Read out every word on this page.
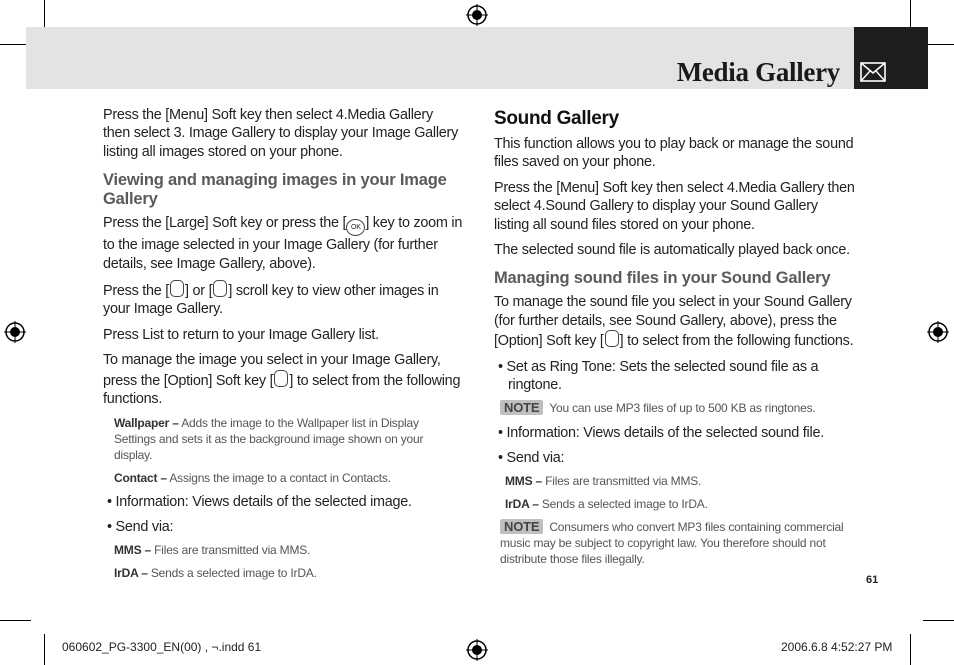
Media Gallery

Press the [Menu] Soft key then select 4.Media Gallery then select 3. Image Gallery to display your Image Gallery listing all images stored on your phone.

Viewing and managing images in your Image Gallery

Press the [Large] Soft key or press the [ OK ] key to zoom in to the image selected in your Image Gallery (for further details, see Image Gallery, above).

Press the [ ] or [ ] scroll key to view other images in your Image Gallery.

Press List to return to your Image Gallery list.

To manage the image you select in your Image Gallery, press the [Option] Soft key [ ] to select from the following functions.

Wallpaper – Adds the image to the Wallpaper list in Display Settings and sets it as the background image shown on your display.
Contact – Assigns the image to a contact in Contacts.
• Information: Views details of the selected image.
• Send via:
MMS – Files are transmitted via MMS.
IrDA – Sends a selected image to IrDA.
Sound Gallery

This function allows you to play back or manage the sound files saved on your phone.

Press the [Menu] Soft key then select 4.Media Gallery then select 4.Sound Gallery to display your Sound Gallery listing all sound files stored on your phone.

The selected sound file is automatically played back once.

Managing sound files in your Sound Gallery

To manage the sound file you select in your Sound Gallery (for further details, see Sound Gallery, above), press the [Option] Soft key [ ] to select from the following functions.

• Set as Ring Tone: Sets the selected sound file as a ringtone.
NOTE You can use MP3 files of up to 500 KB as ringtones.
• Information: Views details of the selected sound file.
• Send via:
MMS – Files are transmitted via MMS.
IrDA – Sends a selected image to IrDA.
NOTE Consumers who convert MP3 files containing commercial music may be subject to copyright law. You therefore should not distribute those files illegally.
61
060602_PG-3300_EN(00) , ¬.indd 61	2006.6.8 4:52:27 PM
